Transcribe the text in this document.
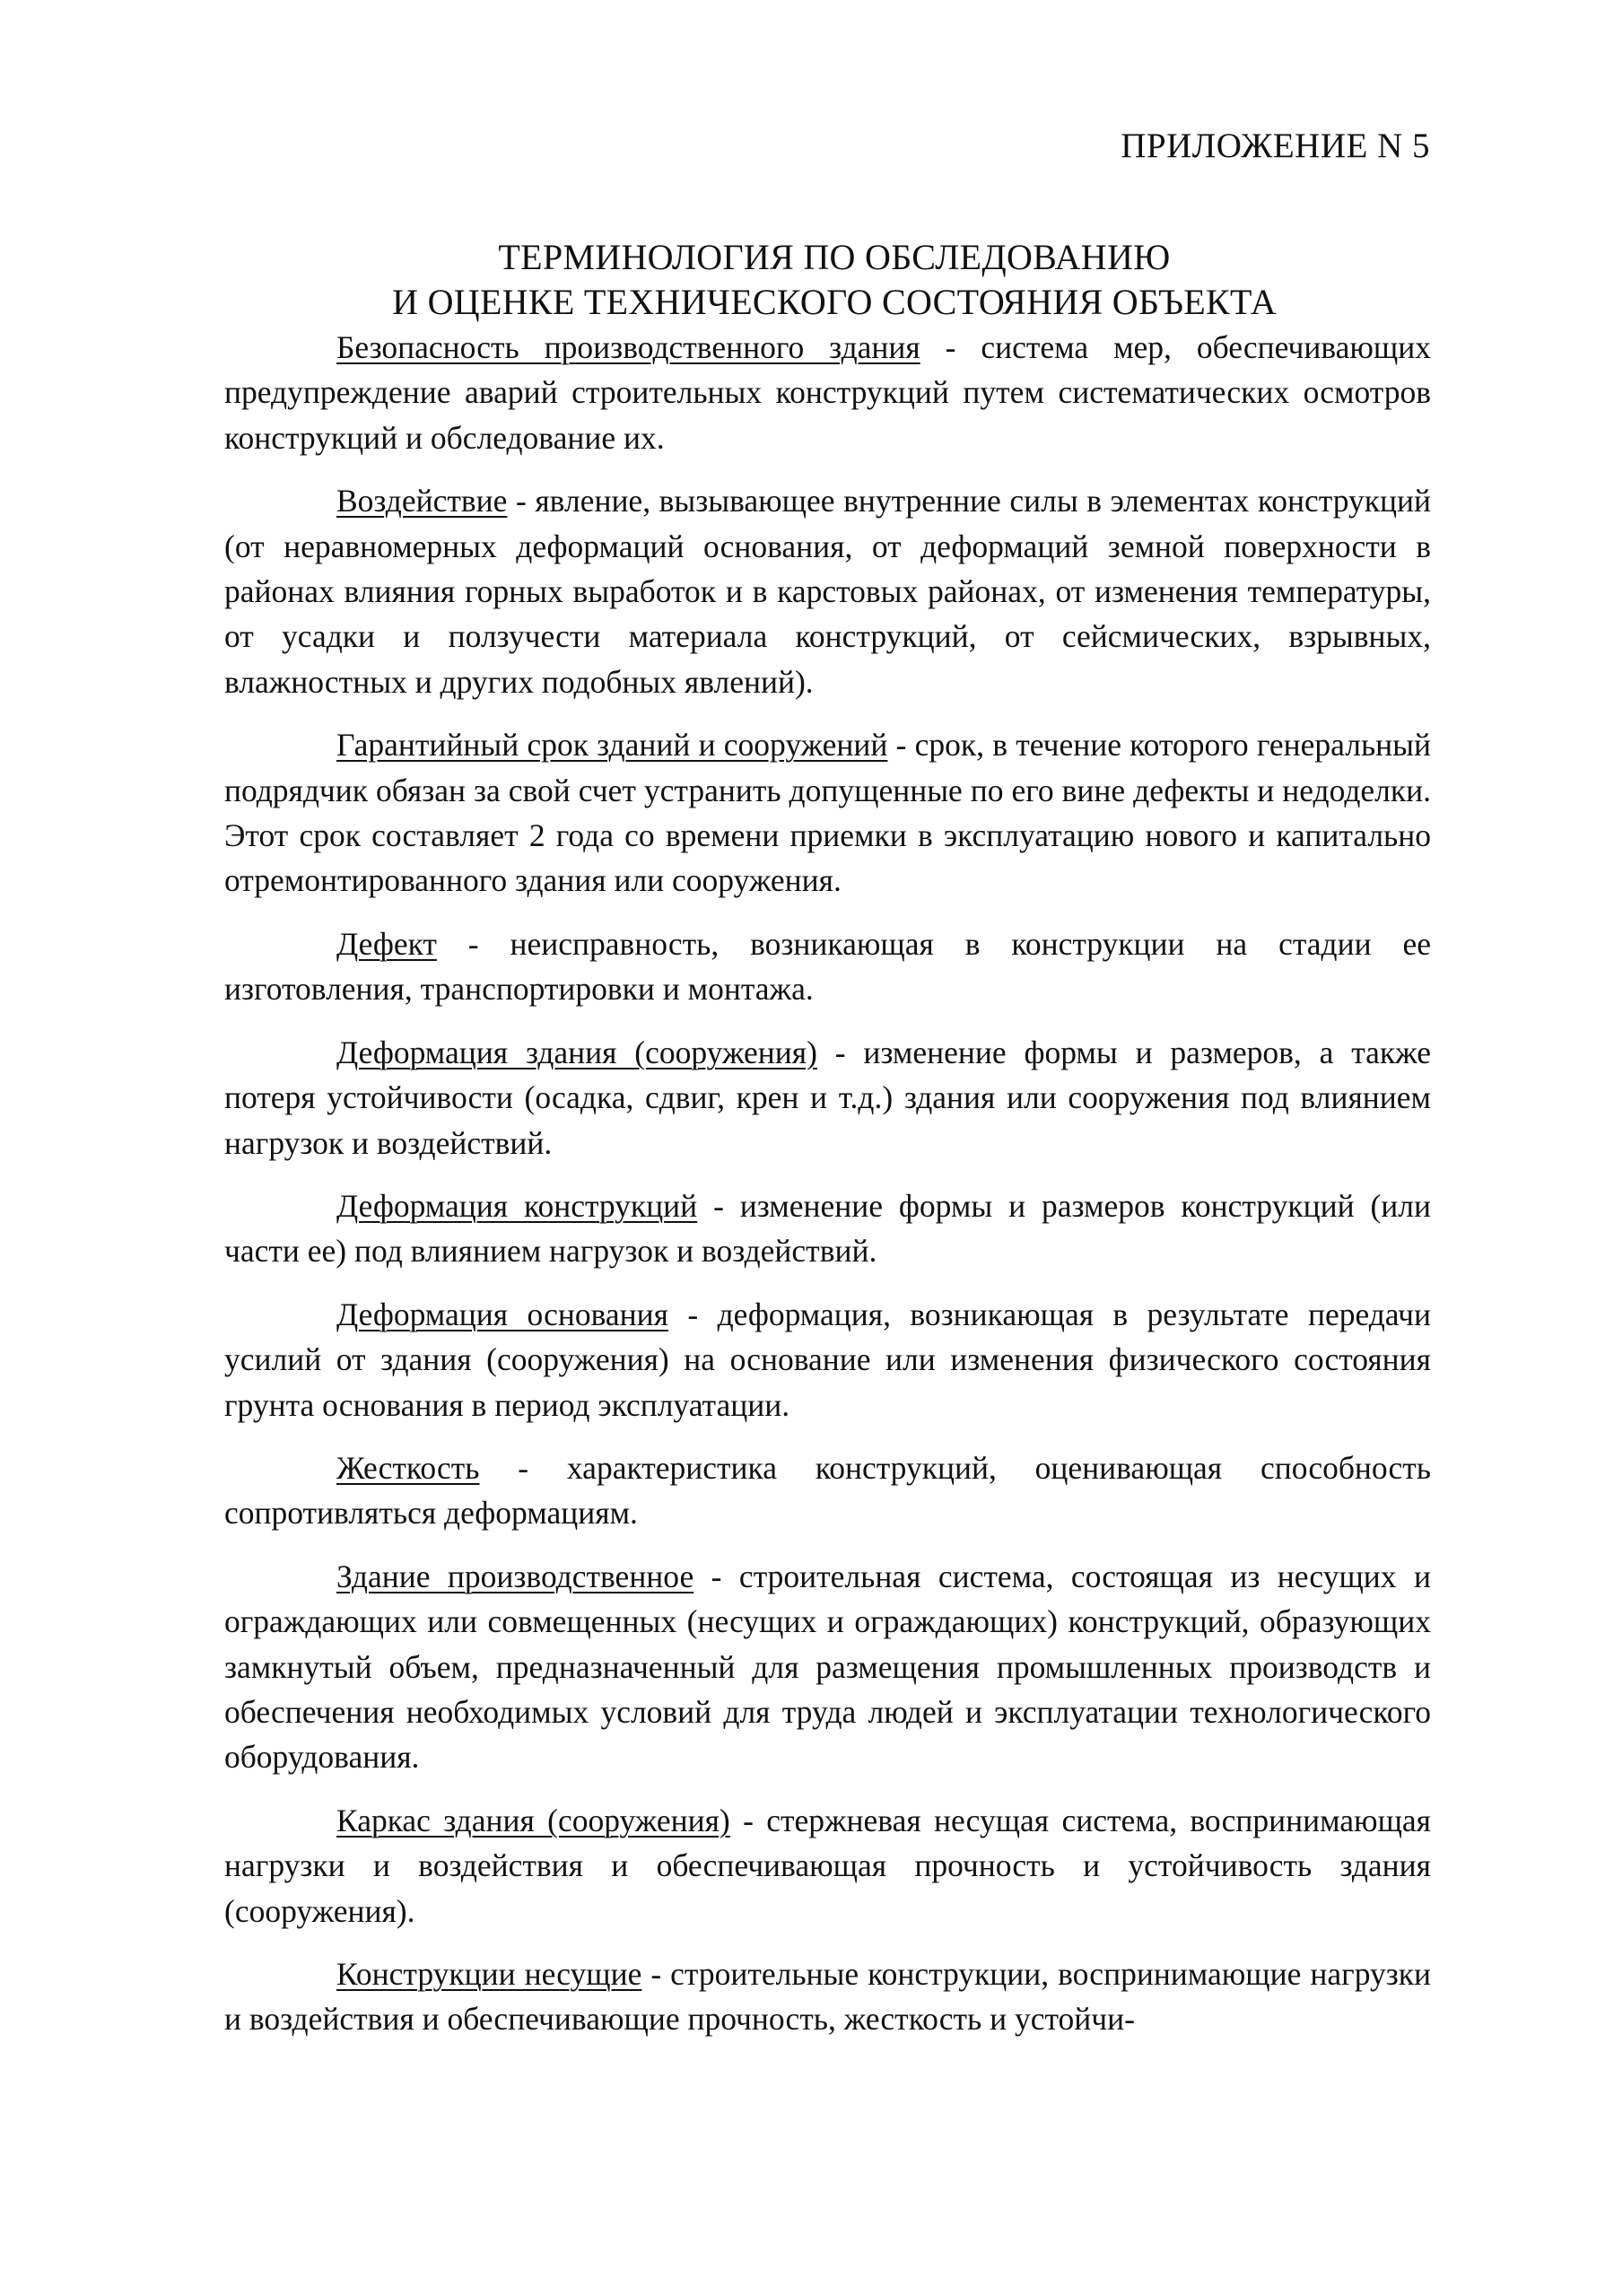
ПРИЛОЖЕНИЕ N 5
ТЕРМИНОЛОГИЯ ПО ОБСЛЕДОВАНИЮ
И ОЦЕНКЕ ТЕХНИЧЕСКОГО СОСТОЯНИЯ ОБЪЕКТА

Безопасность производственного здания - система мер, обеспечивающих предупреждение аварий строительных конструкций путем систематических осмотров конструкций и обследование их.

Воздействие - явление, вызывающее внутренние силы в элементах конструкций (от неравномерных деформаций основания, от деформаций земной поверхности в районах влияния горных выработок и в карстовых районах, от изменения температуры, от усадки и ползучести материала конструкций, от сейсмических, взрывных, влажностных и других подобных явлений).

Гарантийный срок зданий и сооружений - срок, в течение которого генеральный подрядчик обязан за свой счет устранить допущенные по его вине дефекты и недоделки. Этот срок составляет 2 года со времени приемки в эксплуатацию нового и капитально отремонтированного здания или сооружения.

Дефект - неисправность, возникающая в конструкции на стадии ее изготовления, транспортировки и монтажа.

Деформация здания (сооружения) - изменение формы и размеров, а также потеря устойчивости (осадка, сдвиг, крен и т.д.) здания или сооружения под влиянием нагрузок и воздействий.

Деформация конструкций - изменение формы и размеров конструкций (или части ее) под влиянием нагрузок и воздействий.

Деформация основания - деформация, возникающая в результате передачи усилий от здания (сооружения) на основание или изменения физического состояния грунта основания в период эксплуатации.

Жесткость - характеристика конструкций, оценивающая способность сопротивляться деформациям.

Здание производственное - строительная система, состоящая из несущих и ограждающих или совмещенных (несущих и ограждающих) конструкций, образующих замкнутый объем, предназначенный для размещения промышленных производств и обеспечения необходимых условий для труда людей и эксплуатации технологического оборудования.

Каркас здания (сооружения) - стержневая несущая система, воспринимающая нагрузки и воздействия и обеспечивающая прочность и устойчивость здания (сооружения).

Конструкции несущие - строительные конструкции, воспринимающие нагрузки и воздействия и обеспечивающие прочность, жесткость и устойчи-
